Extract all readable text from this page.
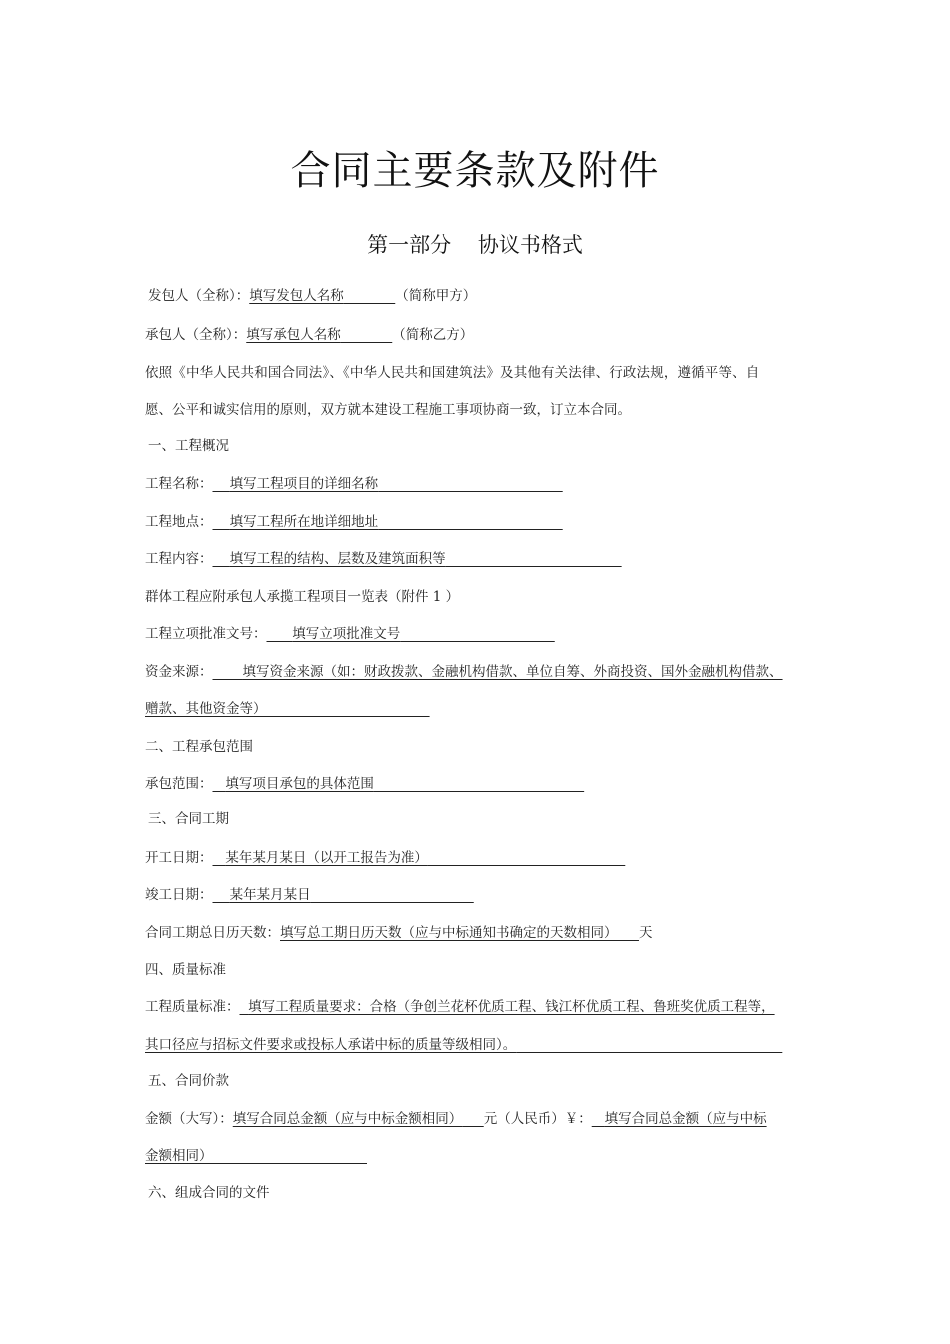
合同主要条款及附件
第一部分    协议书格式
发包人（全称）：填写发包人名称	（简称甲方）
承包人（全称）：填写承包人名称	（简称乙方）
依照《中华人民共和国合同法》、《中华人民共和国建筑法》及其他有关法律、行政法规，遵循平等、自
愿、公平和诚实信用的原则，双方就本建设工程施工事项协商一致，订立本合同。
一、工程概况
工程名称： 填写工程项目的详细名称
工程地点： 填写工程所在地详细地址
工程内容： 填写工程的结构、层数及建筑面积等
群体工程应附承包人承揽工程项目一览表（附件 1 ）
工程立项批准文号： 填写立项批准文号
资金来源： 填写资金来源（如：财政拨款、金融机构借款、单位自筹、外商投资、国外金融机构借款、
赠款、其他资金等）
二、工程承包范围
承包范围： 填写项目承包的具体范围
三、合同工期
开工日期： 某年某月某日（以开工报告为准）
竣工日期： 某年某月某日
合同工期总日历天数：填写总工期日历天数（应与中标通知书确定的天数相同） 天
四、质量标准
工程质量标准： 填写工程质量要求：合格（争创兰花杯优质工程、钱江杯优质工程、鲁班奖优质工程等，
其口径应与招标文件要求或投标人承诺中标的质量等级相同）。
五、合同价款
金额（大写）：填写合同总金额（应与中标金额相同） 元（人民币）￥： 填写合同总金额（应与中标
金额相同）
六、组成合同的文件
